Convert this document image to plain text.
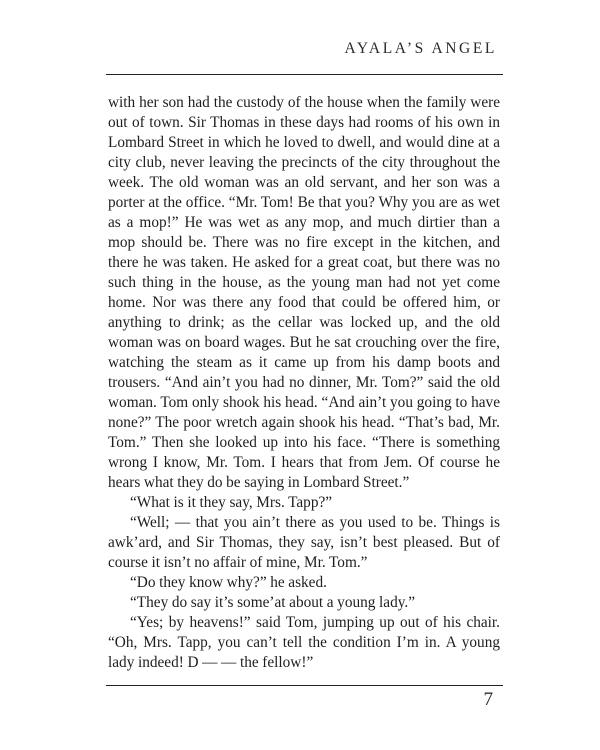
AYALA’S ANGEL

with her son had the custody of the house when the family were out of town. Sir Thomas in these days had rooms of his own in Lombard Street in which he loved to dwell, and would dine at a city club, never leaving the precincts of the city throughout the week. The old woman was an old servant, and her son was a porter at the office. “Mr. Tom! Be that you? Why you are as wet as a mop!” He was wet as any mop, and much dirtier than a mop should be. There was no fire except in the kitchen, and there he was taken. He asked for a great coat, but there was no such thing in the house, as the young man had not yet come home. Nor was there any food that could be offered him, or anything to drink; as the cellar was locked up, and the old woman was on board wages. But he sat crouching over the fire, watching the steam as it came up from his damp boots and trousers. “And ain’t you had no dinner, Mr. Tom?” said the old woman. Tom only shook his head. “And ain’t you going to have none?” The poor wretch again shook his head. “That’s bad, Mr. Tom.” Then she looked up into his face. “There is something wrong I know, Mr. Tom. I hears that from Jem. Of course he hears what they do be saying in Lombard Street.”

“What is it they say, Mrs. Tapp?”

“Well; — that you ain’t there as you used to be. Things is awk’ard, and Sir Thomas, they say, isn’t best pleased. But of course it isn’t no affair of mine, Mr. Tom.”

“Do they know why?” he asked.

“They do say it’s some’at about a young lady.”

“Yes; by heavens!” said Tom, jumping up out of his chair. “Oh, Mrs. Tapp, you can’t tell the condition I’m in. A young lady indeed! D — — the fellow!”

7
